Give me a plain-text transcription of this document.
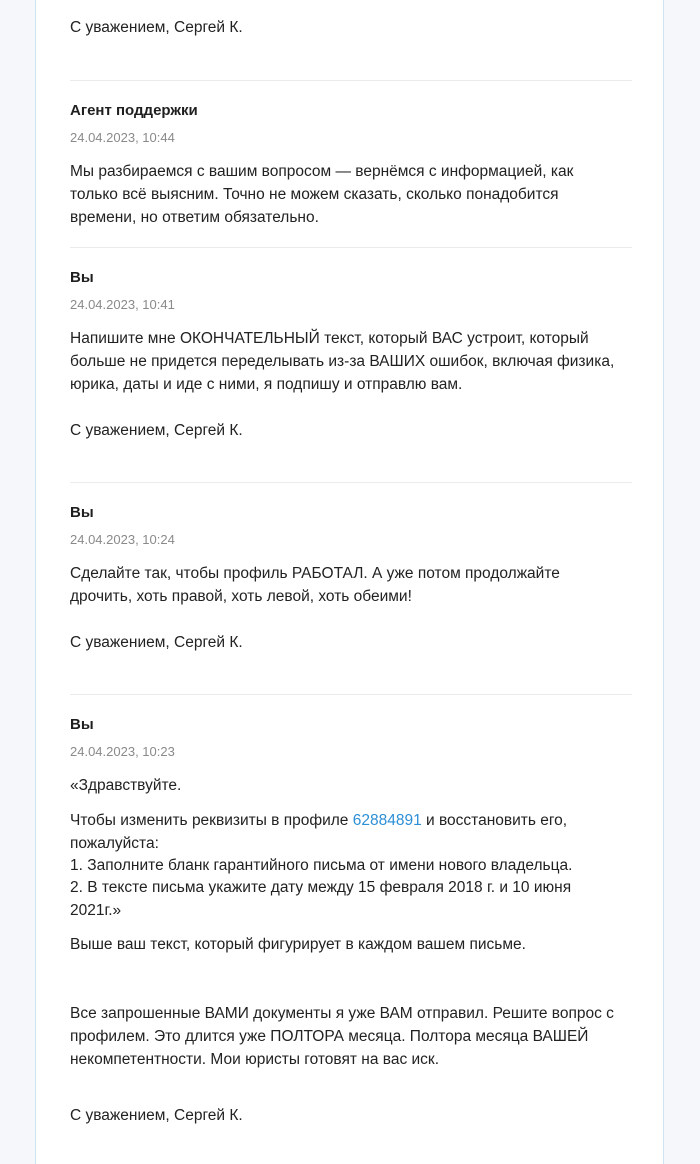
С уважением, Сергей К.
Агент поддержки
24.04.2023, 10:44
Мы разбираемся с вашим вопросом — вернёмся с информацией, как
только всё выясним. Точно не можем сказать, сколько понадобится
времени, но ответим обязательно.
Вы
24.04.2023, 10:41
Напишите мне ОКОНЧАТЕЛЬНЫЙ текст, который ВАС устроит, который
больше не придется переделывать из-за ВАШИХ ошибок, включая физика,
юрика, даты и иде с ними, я подпишу и отправлю вам.
С уважением, Сергей К.
Вы
24.04.2023, 10:24
Сделайте так, чтобы профиль РАБОТАЛ. А уже потом продолжайте
дрочить, хоть правой, хоть левой, хоть обеими!
С уважением, Сергей К.
Вы
24.04.2023, 10:23
«Здравствуйте.
Чтобы изменить реквизиты в профиле 62884891 и восстановить его,
пожалуйста:
1. Заполните бланк гарантийного письма от имени нового владельца.
2. В тексте письма укажите дату между 15 февраля 2018 г. и 10 июня
2021г.»
Выше ваш текст, который фигурирует в каждом вашем письме.
Все запрошенные ВАМИ документы я уже ВАМ отправил. Решите вопрос с
профилем. Это длится уже ПОЛТОРА месяца. Полтора месяца ВАШЕЙ
некомпетентности. Мои юристы готовят на вас иск.
С уважением, Сергей К.
